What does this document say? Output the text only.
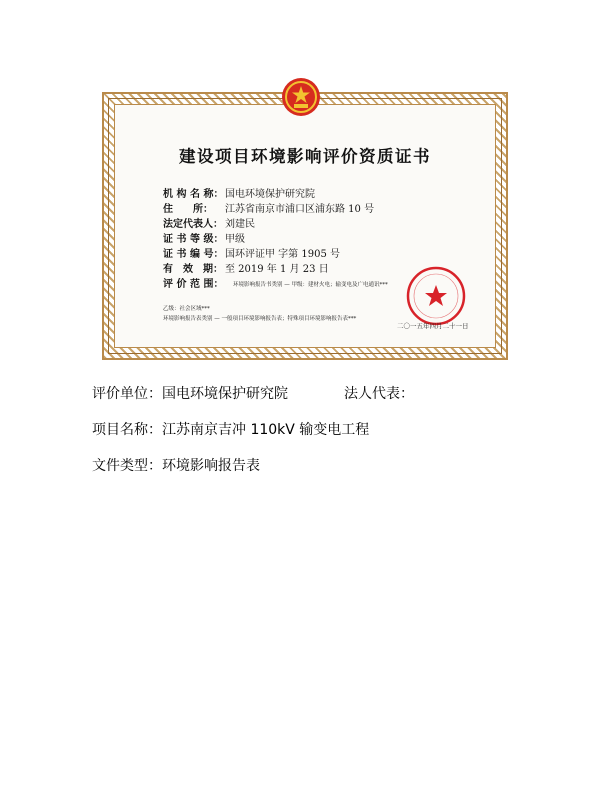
建设项目环境影响评价资质证书
机 构 名 称： 国电环境保护研究院
住　　所：	江苏省南京市浦口区浦东路 10 号
法定代表人： 刘建民
证 书 等 级： 甲级
证 书 编 号： 国环评证甲 字第 1905 号
有　效　期： 至 2019 年 1 月 23 日
评 价 范 围： 环境影响报告书类别 — 甲级：建材火电；输变电及广电通讯***
乙级：社会区域***
环境影响报告表类别 — 一般项目环境影响报告表；特殊项目环境影响报告表***
二〇一五年四月二十一日
评价单位：国电环境保护研究院	法人代表：
项目名称：江苏南京吉冲 110kV 输变电工程
文件类型：环境影响报告表
